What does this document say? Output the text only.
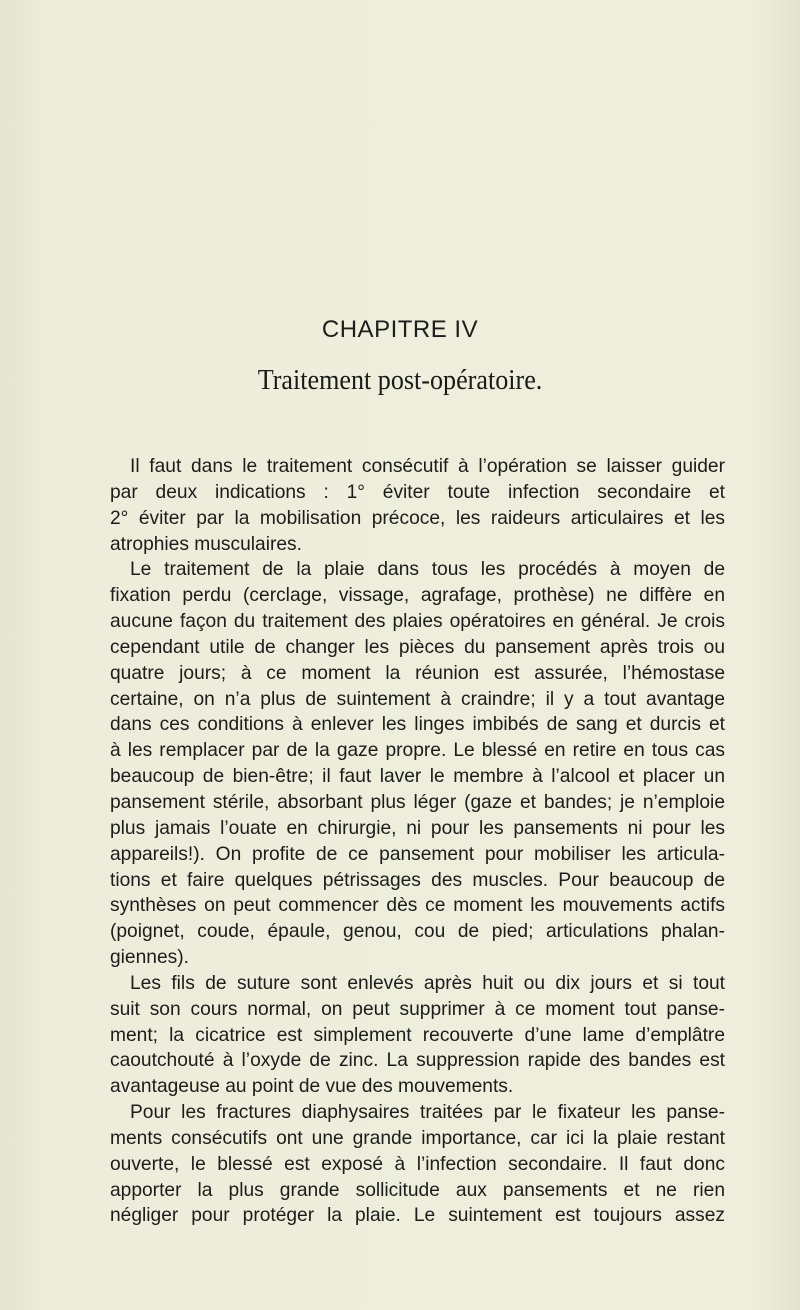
CHAPITRE IV
Traitement post-opératoire.
Il faut dans le traitement consécutif à l’opération se laisser guider
par deux indications : 1° éviter toute infection secondaire et
2° éviter par la mobilisation précoce, les raideurs articulaires et les
atrophies musculaires.
Le traitement de la plaie dans tous les procédés à moyen de
fixation perdu (cerclage, vissage, agrafage, prothèse) ne diffère en
aucune façon du traitement des plaies opératoires en général. Je crois
cependant utile de changer les pièces du pansement après trois ou
quatre jours; à ce moment la réunion est assurée, l’hémostase
certaine, on n’a plus de suintement à craindre; il y a tout avantage
dans ces conditions à enlever les linges imbibés de sang et durcis et
à les remplacer par de la gaze propre. Le blessé en retire en tous cas
beaucoup de bien-être; il faut laver le membre à l’alcool et placer un
pansement stérile, absorbant plus léger (gaze et bandes; je n’emploie
plus jamais l’ouate en chirurgie, ni pour les pansements ni pour les
appareils!). On profite de ce pansement pour mobiliser les articula-
tions et faire quelques pétrissages des muscles. Pour beaucoup de
synthèses on peut commencer dès ce moment les mouvements actifs
(poignet, coude, épaule, genou, cou de pied; articulations phalan-
giennes).
Les fils de suture sont enlevés après huit ou dix jours et si tout
suit son cours normal, on peut supprimer à ce moment tout panse-
ment; la cicatrice est simplement recouverte d’une lame d’emplâtre
caoutchouté à l’oxyde de zinc. La suppression rapide des bandes est
avantageuse au point de vue des mouvements.
Pour les fractures diaphysaires traitées par le fixateur les panse-
ments consécutifs ont une grande importance, car ici la plaie restant
ouverte, le blessé est exposé à l’infection secondaire. Il faut donc
apporter la plus grande sollicitude aux pansements et ne rien
négliger pour protéger la plaie. Le suintement est toujours assez
